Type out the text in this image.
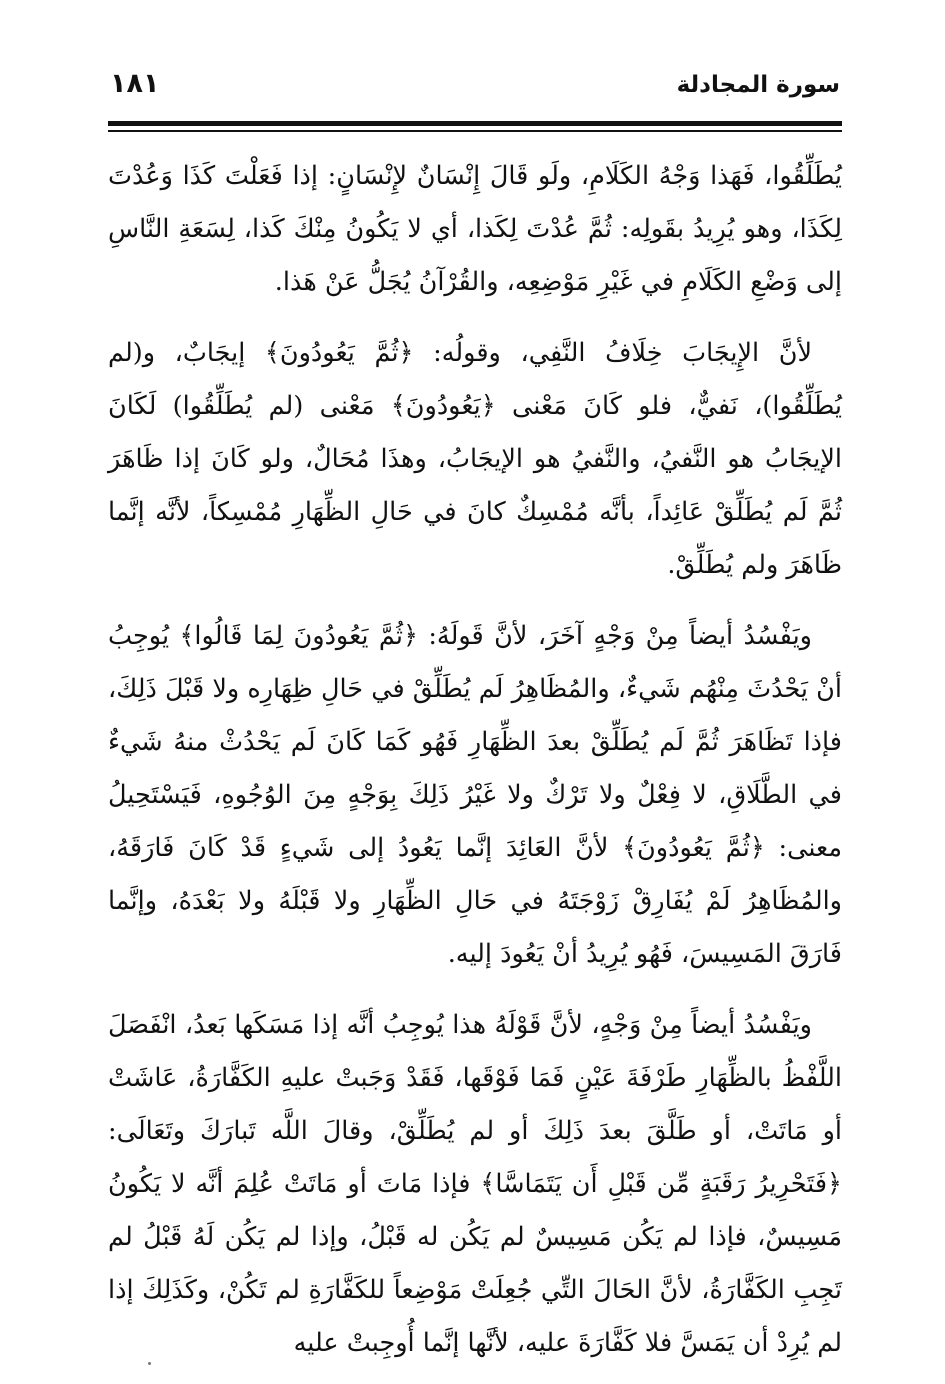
١٨١	سورة المجادلة

يُطَلِّقُوا، فَهَذا وَجْهُ الكَلَامِ، ولَو قَالَ إِنْسَانٌ لإِنْسَانٍ: إذا فَعَلْتَ كَذَا وَعُدْتَ لِكَذَا، وهو يُرِيدُ بقَولِه: ثُمَّ عُدْتَ لِكَذا، أي لا يَكُونُ مِنْكَ كَذا، لِسَعَةِ النَّاسِ إلى وَضْعِ الكَلَامِ في غَيْرِ مَوْضِعِه، والقُرْآنُ يُجَلُّ عَنْ هَذا.

لأنَّ الإِيجَابَ خِلَافُ النَّفِي، وقولُه: ﴿ثُمَّ يَعُودُونَ﴾ إيجَابٌ، و(لم يُطَلِّقُوا)، نَفيٌّ، فلو كَانَ مَعْنى ﴿يَعُودُونَ﴾ مَعْنى (لم يُطَلِّقُوا) لَكَانَ الإيجَابُ هو النَّفيُ، والنَّفيُ هو الإيجَابُ، وهذَا مُحَالٌ، ولو كَانَ إذا ظَاهَرَ ثُمَّ لَم يُطَلِّقْ عَائِداً، بأنَّه مُمْسِكٌ كانَ في حَالِ الظِّهَارِ مُمْسِكاً، لأنَّه إنَّما ظَاهَرَ ولم يُطَلِّقْ.

ويَفْسُدُ أيضاً مِنْ وَجْهٍ آخَرَ، لأنَّ قَولَهُ: ﴿ثُمَّ يَعُودُونَ لِمَا قَالُوا﴾ يُوجِبُ أنْ يَحْدُثَ مِنْهُم شَيءٌ، والمُظَاهِرُ لَم يُطَلِّقْ في حَالِ ظِهَارِه ولا قَبْلَ ذَلِكَ، فإذا تَظَاهَرَ ثُمَّ لَم يُطَلِّقْ بعدَ الظِّهَارِ فَهُو كَمَا كَانَ لَم يَحْدُثْ منهُ شَيءٌ في الطَّلَاقِ، لا فِعْلٌ ولا تَرْكٌ ولا غَيْرُ ذَلِكَ بِوَجْهٍ مِنَ الوُجُوهِ، فَيَسْتَحِيلُ معنى: ﴿ثُمَّ يَعُودُونَ﴾ لأنَّ العَائِدَ إنَّما يَعُودُ إلى شَيءٍ قَدْ كَانَ فَارَقَهُ، والمُظَاهِرُ لَمْ يُفَارِقْ زَوْجَتَهُ في حَالِ الظِّهَارِ ولا قَبْلَهُ ولا بَعْدَهُ، وإنَّما فَارَقَ المَسِيسَ، فَهُو يُرِيدُ أنْ يَعُودَ إليه.

ويَفْسُدُ أيضاً مِنْ وَجْهٍ، لأنَّ قَوْلَهُ هذا يُوجِبُ أنَّه إذا مَسَكَها بَعدُ، انْفَصَلَ اللَّفْظُ بالظِّهَارِ طَرْفَةَ عَيْنٍ فَمَا فَوْقَها، فَقَدْ وَجَبتْ عليهِ الكَفَّارَةُ، عَاشَتْ أو مَاتَتْ، أو طَلَّقَ بعدَ ذَلِكَ أو لم يُطَلِّقْ، وقالَ اللَّه تَبارَكَ وتَعَالَى: ﴿فَتَحْرِيرُ رَقَبَةٍ مِّن قَبْلِ أَن يَتَمَاسَّا﴾ فإذا مَاتَ أو مَاتَتْ عُلِمَ أنَّه لا يَكُونُ مَسِيسٌ، فإذا لم يَكُن مَسِيسٌ لم يَكُن له قَبْلُ، وإذا لم يَكُن لَهُ قَبْلُ لم تَجِبِ الكَفَّارَةُ، لأنَّ الحَالَ التِّي جُعِلَتْ مَوْضِعاً للكَفَّارَةِ لم تَكُنْ، وكَذَلِكَ إذا لم يُرِدْ أن يَمَسَّ فلا كَفَّارَةَ عليه، لأنَّها إنَّما أُوجِبتْ عليه
